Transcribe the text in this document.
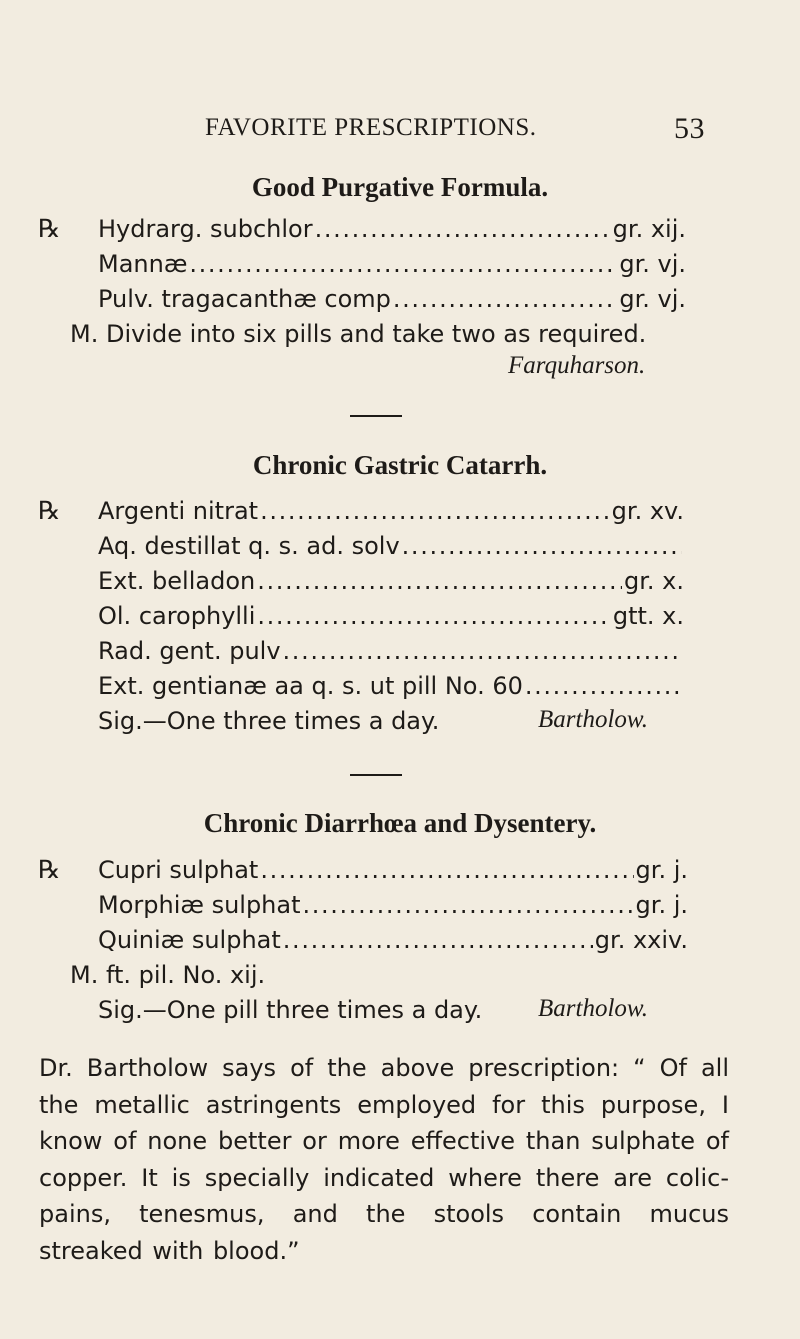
FAVORITE PRESCRIPTIONS.	53
Good Purgative Formula.
℞ Hydrarg. subchlor . . .	gr. xij.
Mannæ . . .	gr. vj.
Pulv. tragacanthæ comp . . .	gr. vj.
M. Divide into six pills and take two as required.
Farquharson.
Chronic Gastric Catarrh.
℞ Argenti nitrat . . .	gr. xv.
Aq. destillat q. s. ad. solv
. . .
Ext. belladon . . .	gr. x.
Ol. carophylli . . .	gtt. x.
Rad. gent. pulv
. . .
Ext. gentianæ aa q. s. ut pill No. 60
. . .
Sig.—One three times a day.	Bartholow.
Chronic Diarrhœa and Dysentery.
℞ Cupri sulphat . . .	gr. j.
Morphiæ sulphat . . .	gr. j.
Quiniæ sulphat . . .	gr. xxiv.
M. ft. pil. No. xij.
Sig.—One pill three times a day. Bartholow.
Dr. Bartholow says of the above prescription: “ Of all the metallic astringents employed for this purpose, I know of none better or more effective than sulphate of copper. It is specially indicated where there are colic-pains, tenesmus, and the stools contain mucus streaked with blood.”
